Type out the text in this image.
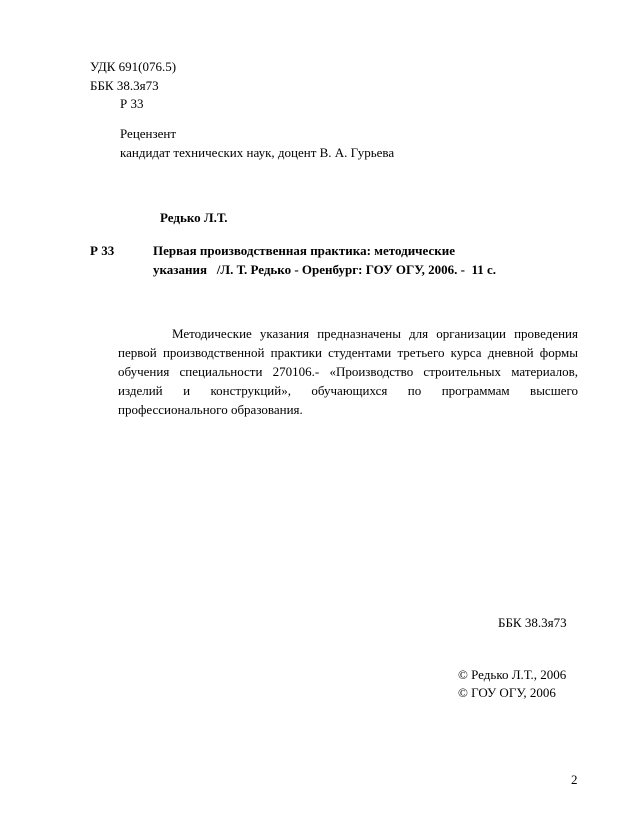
УДК 691(076.5)
ББК 38.3я73
Р 33
Рецензент
кандидат технических наук, доцент В. А. Гурьева
Редько Л.Т.
Р 33	Первая производственная практика: методические
указания   /Л. Т. Редько - Оренбург: ГОУ ОГУ, 2006. -  11 с.
Методические указания предназначены для организации проведения первой производственной практики студентами третьего курса дневной формы обучения специальности 270106.- «Производство строительных материалов, изделий и конструкций», обучающихся по программам высшего профессионального образования.
ББК 38.3я73
© Редько Л.Т., 2006
© ГОУ ОГУ, 2006
2
